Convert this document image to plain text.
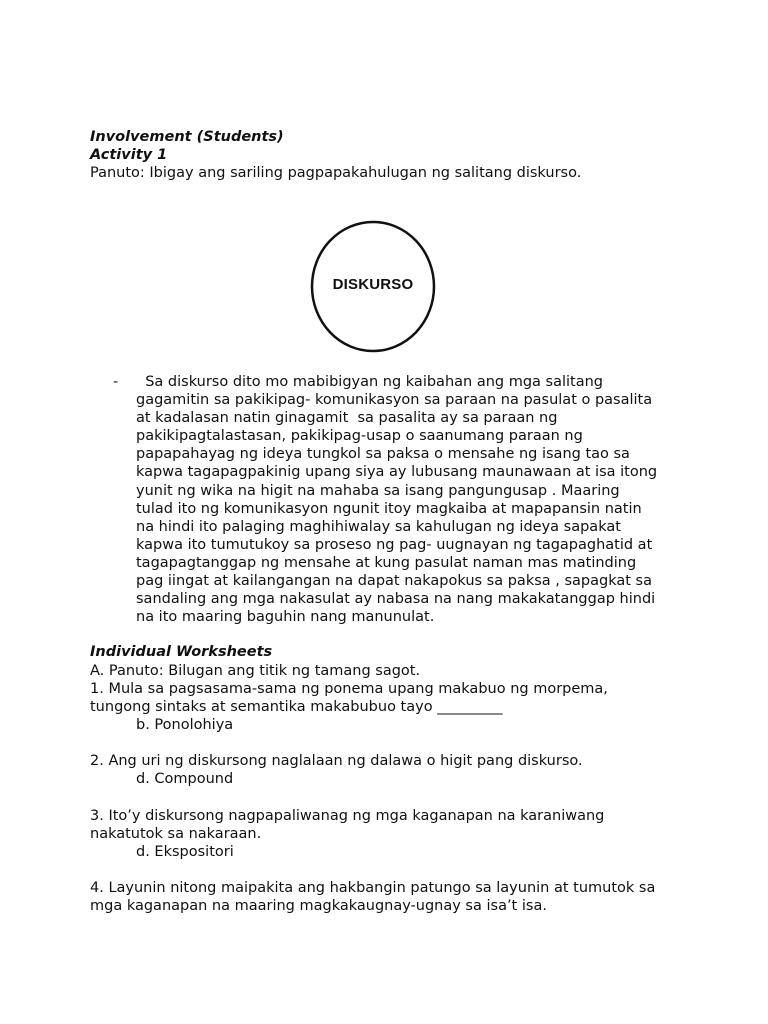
Involvement (Students)
Activity 1
Panuto: Ibigay ang sariling pagpapakahulugan ng salitang diskurso.
DISKURSO
- Sa diskurso dito mo mabibigyan ng kaibahan ang mga salitang
gagamitin sa pakikipag- komunikasyon sa paraan na pasulat o pasalita
at kadalasan natin ginagamit  sa pasalita ay sa paraan ng
pakikipagtalastasan, pakikipag-usap o saanumang paraan ng
papapahayag ng ideya tungkol sa paksa o mensahe ng isang tao sa
kapwa tagapagpakinig upang siya ay lubusang maunawaan at isa itong
yunit ng wika na higit na mahaba sa isang pangungusap . Maaring
tulad ito ng komunikasyon ngunit itoy magkaiba at mapapansin natin
na hindi ito palaging maghihiwalay sa kahulugan ng ideya sapakat
kapwa ito tumutukoy sa proseso ng pag- uugnayan ng tagapaghatid at
tagapagtanggap ng mensahe at kung pasulat naman mas matinding
pag iingat at kailangangan na dapat nakapokus sa paksa , sapagkat sa
sandaling ang mga nakasulat ay nabasa na nang makakatanggap hindi
na ito maaring baguhin nang manunulat.
Individual Worksheets
A. Panuto: Bilugan ang titik ng tamang sagot.
1. Mula sa pagsasama-sama ng ponema upang makabuo ng morpema,
tungong sintaks at semantika makabubuo tayo _________
b. Ponolohiya
2. Ang uri ng diskursong naglalaan ng dalawa o higit pang diskurso.
d. Compound
3. Ito’y diskursong nagpapaliwanag ng mga kaganapan na karaniwang
nakatutok sa nakaraan.
d. Ekspositori
4. Layunin nitong maipakita ang hakbangin patungo sa layunin at tumutok sa
mga kaganapan na maaring magkakaugnay-ugnay sa isa’t isa.
